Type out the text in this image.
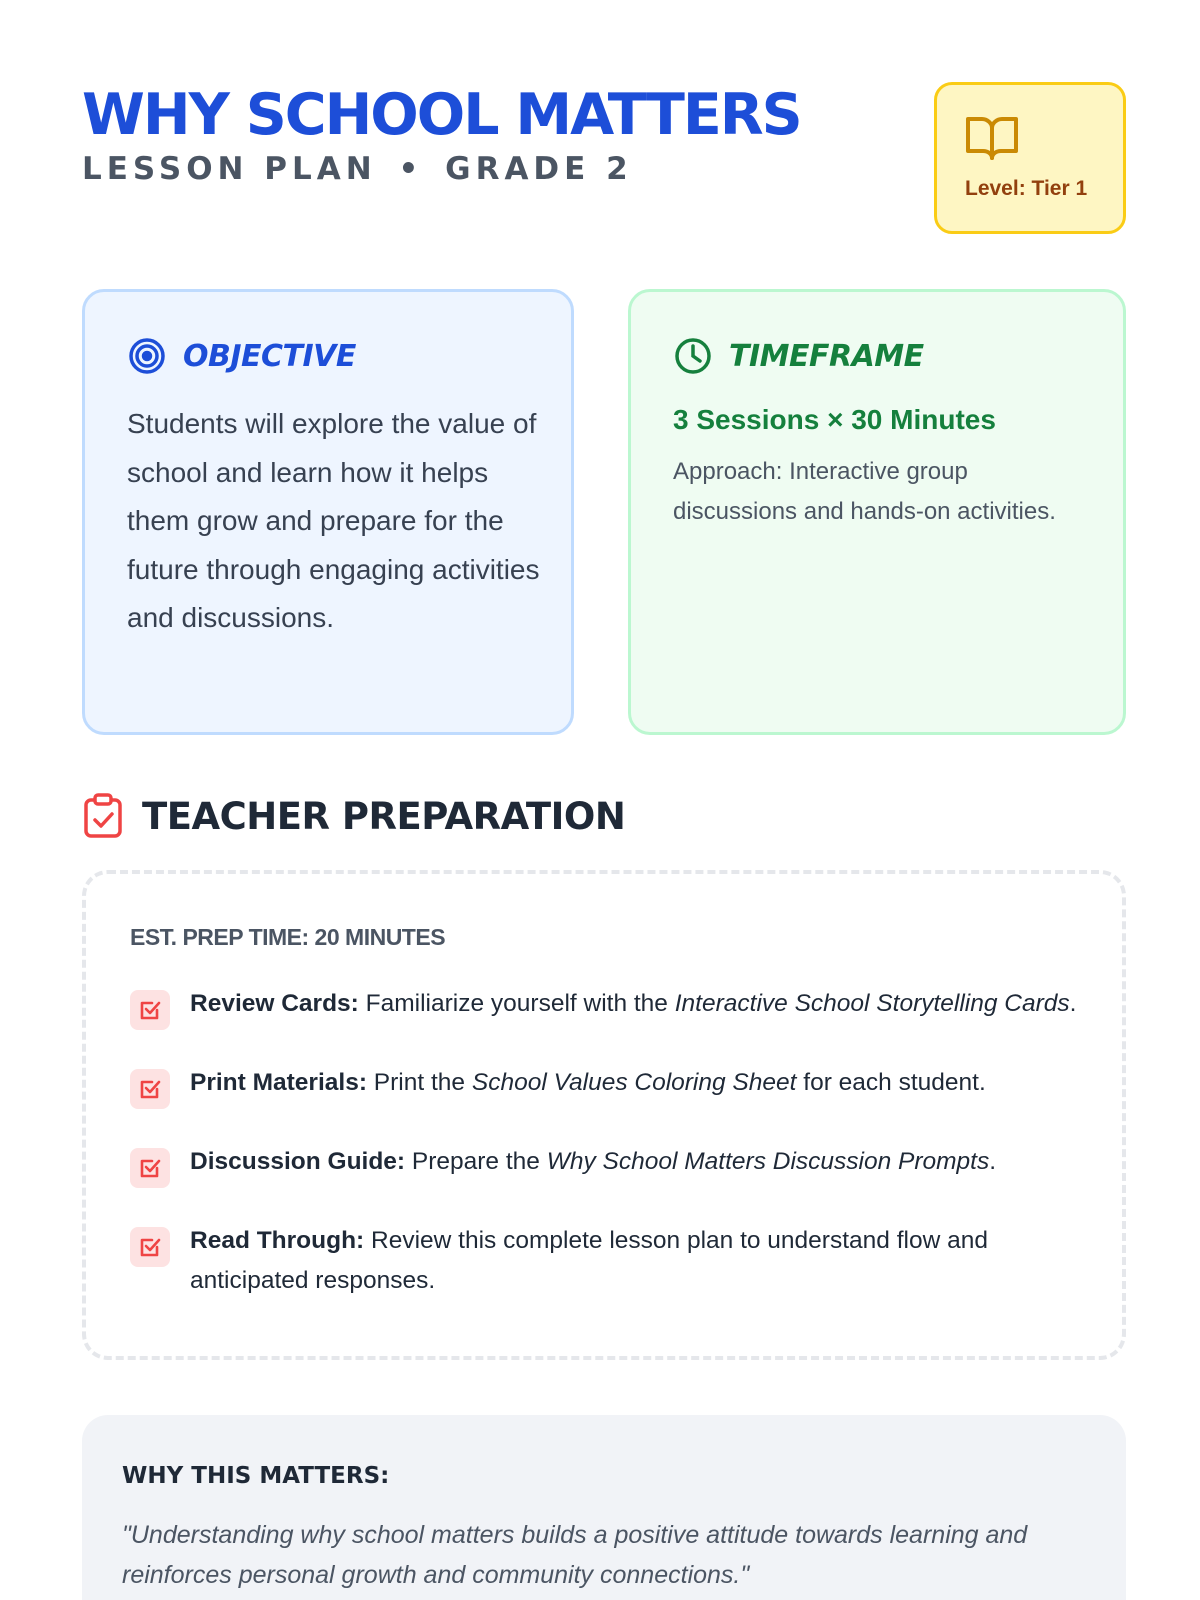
WHY SCHOOL MATTERS
LESSON PLAN • GRADE 2
Level: Tier 1
OBJECTIVE

Students will explore the value of school and learn how it helps them grow and prepare for the future through engaging activities and discussions.

TIMEFRAME
3 Sessions × 30 Minutes

Approach: Interactive group discussions and hands-on activities.

TEACHER PREPARATION
EST. PREP TIME: 20 MINUTES

Review Cards: Familiarize yourself with the Interactive School Storytelling Cards.

Print Materials: Print the School Values Coloring Sheet for each student.

Discussion Guide: Prepare the Why School Matters Discussion Prompts.

Read Through: Review this complete lesson plan to understand flow and anticipated responses.

WHY THIS MATTERS:

"Understanding why school matters builds a positive attitude towards learning and reinforces personal growth and community connections."
